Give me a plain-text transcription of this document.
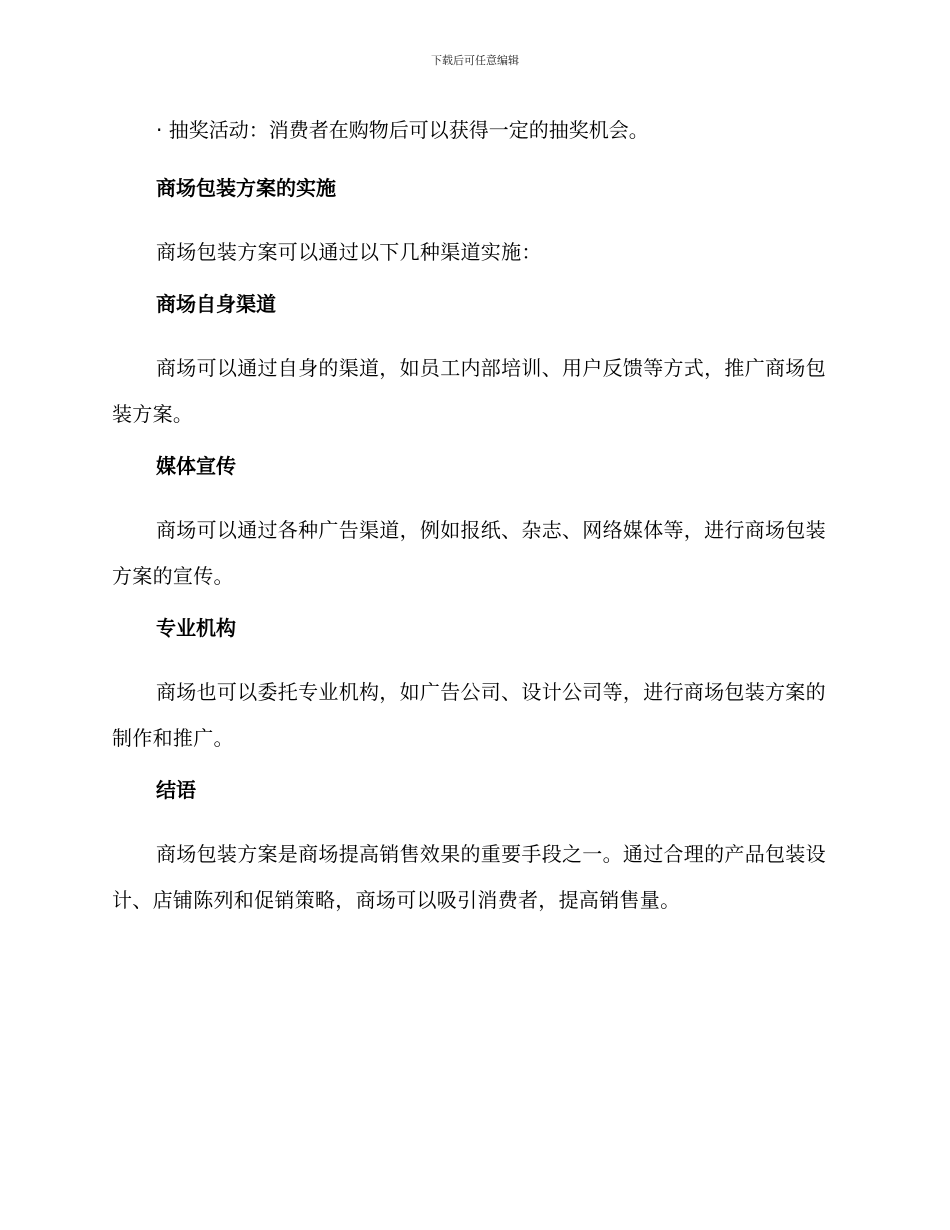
下载后可任意编辑
· 抽奖活动：消费者在购物后可以获得一定的抽奖机会。
商场包装方案的实施
商场包装方案可以通过以下几种渠道实施：
商场自身渠道
商场可以通过自身的渠道，如员工内部培训、用户反馈等方式，推广商场包装方案。
媒体宣传
商场可以通过各种广告渠道，例如报纸、杂志、网络媒体等，进行商场包装方案的宣传。
专业机构
商场也可以委托专业机构，如广告公司、设计公司等，进行商场包装方案的制作和推广。
结语
商场包装方案是商场提高销售效果的重要手段之一。通过合理的产品包装设计、店铺陈列和促销策略，商场可以吸引消费者，提高销售量。
